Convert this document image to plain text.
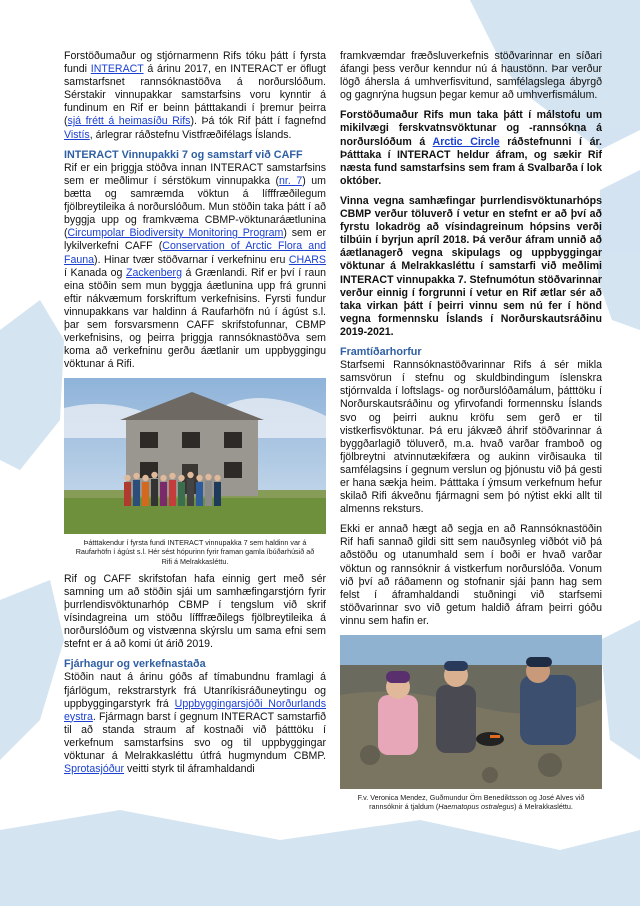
Forstöðumaður og stjórnarmenn Rifs tóku þátt í fyrsta fundi INTERACT á árinu 2017, en INTERACT er öflugt samstarfsnet rannsóknastöðva á norðurslóðum. Sérstakir vinnupakkar samstarfsins voru kynntir á fundinum en Rif er beinn þátttakandi í þremur þeirra (sjá frétt á heimasíðu Rifs). Þá tók Rif þátt í fagnefnd Vistís, árlegrar ráðstefnu Vistfræðifélags Íslands.

INTERACT Vinnupakki 7 og samstarf við CAFF

Rif er ein þriggja stöðva innan INTERACT samstarfsins sem er meðlimur í sérstökum vinnupakka (nr. 7) um bætta og samræmda vöktun á lífffræðilegum fjölbreytileika á norðurslóðum. Mun stöðin taka þátt í að byggja upp og framkvæma CBMP-vöktunaráætlunina (Circumpolar Biodiversity Monitoring Program) sem er lykilverkefni CAFF (Conservation of Arctic Flora and Fauna). Hinar tvær stöðvarnar í verkefninu eru CHARS í Kanada og Zackenberg á Grænlandi. Rif er því í raun eina stöðin sem mun byggja áætlunina upp frá grunni eftir nákvæmum forskriftum verkefnisins. Fyrsti fundur vinnupakkans var haldinn á Raufarhöfn nú í ágúst s.l. þar sem forsvarsmenn CAFF skrifstofunnar, CBMP verkefnisins, og þeirra þriggja rannsóknastöðva sem koma að verkefninu gerðu áætlanir um uppbyggingu vöktunar á Rifi.

Þátttakendur í fyrsta fundi INTERACT vinnupakka 7 sem haldinn var á Raufarhöfn í ágúst s.l. Hér sést hópurinn fyrir framan gamla íbúðarhúsið að Rifi á Melrakkasléttu.

Rif og CAFF skrifstofan hafa einnig gert með sér samning um að stöðin sjái um samhæfingarstjórn fyrir þurrlendisvöktunarhóp CBMP í tengslum við skrif vísindagreina um stöðu lífffræðilegs fjölbreytileika á norðurslóðum og vistvænna skýrslu um sama efni sem stefnt er á að komi út árið 2019.

Fjárhagur og verkefnastaða

Stöðin naut á árinu góðs af tímabundnu framlagi á fjárlögum, rekstrarstyrk frá Utanríkisráðuneytingu og uppbyggingarstyrk frá Uppbyggingarsjóði Norðurlands eystra. Fjármagn barst í gegnum INTERACT samstarfið til að standa straum af kostnaði við þátttöku í verkefnum samstarfsins svo og til uppbyggingar vöktunar á Melrakkasléttu útfrá hugmyndum CBMP. Sprotasjóður veitti styrk til áframhaldandi

framkvæmdar fræðsluverkefnis stöðvarinnar en síðari áfangi þess verður kenndur nú á haustönn. Þar verður lögð áhersla á umhverfisvitund, samfélagslega ábyrgð og gagnrýna hugsun þegar kemur að umhverfismálum.

Forstöðumaður Rifs mun taka þátt í málstofu um mikilvægi ferskvatnsvöktunar og -rannsókna á norðurslóðum á Arctic Circle ráðstefnunni í ár. Þátttaka í INTERACT heldur áfram, og sækir Rif næsta fund samstarfsins sem fram á Svalbarða í lok október.

Vinna vegna samhæfingar þurrlendisvöktunarhóps CBMP verður töluverð í vetur en stefnt er að því að fyrstu lokadrög að vísindagreinum hópsins verði tilbúin í byrjun apríl 2018. Þá verður áfram unnið að áætlanagerð vegna skipulags og uppbyggingar vöktunar á Melrakkasléttu í samstarfi við meðlimi INTERACT vinnupakka 7. Stefnumótun stöðvarinnar verður einnig í forgrunni í vetur en Rif ætlar sér að taka virkan þátt í þeirri vinnu sem nú fer í hönd vegna formennsku Íslands í Norðurskautsráðinu 2019-2021.

Framtíðarhorfur

Starfsemi Rannsóknastöðvarinnar Rifs á sér mikla samsvörun í stefnu og skuldbindingum íslenskra stjórnvalda í loftslags- og norðurslóðamálum, þátttöku í Norðurskautsráðinu og yfirvofandi formennsku Íslands svo og þeirri auknu kröfu sem gerð er til vistkerfisvöktunar. Þá eru jákvæð áhrif stöðvarinnar á byggðarlagið töluverð, m.a. hvað varðar framboð og fjölbreytni atvinnutækifæra og aukinn virðisauka til samfélagsins í gegnum verslun og þjónustu við þá gesti er hana sækja heim. Þátttaka í ýmsum verkefnum hefur skilað Rifi ákveðnu fjármagni sem þó nýtist ekki allt til almenns reksturs.

Ekki er annað hægt að segja en að Rannsóknastöðin Rif hafi sannað gildi sitt sem nauðsynleg viðbót við þá aðstöðu og utanumhald sem í boði er hvað varðar vöktun og rannsóknir á vistkerfum norðurslóða. Vonum við því að ráðamenn og stofnanir sjái þann hag sem felst í áframhaldandi stuðningi við starfsemi stöðvarinnar svo við getum haldið áfram þeirri góðu vinnu sem hafin er.

F.v. Veronica Mendez, Guðmundur Örn Benediktsson og José Alves við rannsóknir á tjaldum (Haematopus ostralegus) á Melrakkasléttu.
